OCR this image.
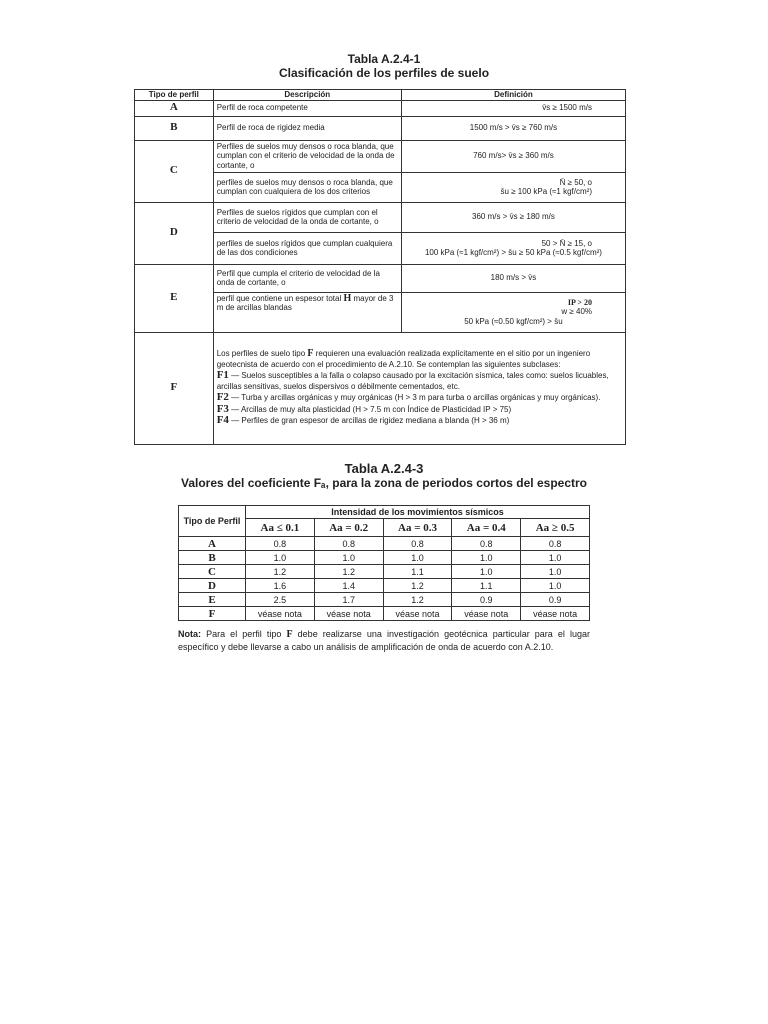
Tabla A.2.4-1
Clasificación de los perfiles de suelo
Tipo de perfil	Descripción	Definición
A	Perfil de roca competente	v̄s ≥ 1500 m/s

B	Perfil de roca de rigidez media	1500 m/s > v̄s ≥ 760 m/s
C	Perfiles de suelos muy densos o roca blanda, que cumplan con el criterio de velocidad de la onda de cortante, o	760 m/s> v̄s ≥ 360 m/s
	perfiles de suelos muy densos o roca blanda, que cumplan con cualquiera de los dos criterios	N̄ ≥ 50, o
s̄u ≥ 100 kPa (≈1 kgf/cm²)

D	Perfiles de suelos rígidos que cumplan con el criterio de velocidad de la onda de cortante, o	360 m/s > v̄s ≥ 180 m/s
	perfiles de suelos rígidos que cumplan cualquiera de las dos condiciones	50 > N̄ ≥ 15, o
100 kPa (≈1 kgf/cm²) > s̄u ≥ 50 kPa (≈0.5 kgf/cm²)
E	Perfil que cumpla el criterio de velocidad de la onda de cortante, o	180 m/s > v̄s
	perfil que contiene un espesor total H mayor de 3 m de arcillas blandas	IP > 20
w ≥ 40%
50 kPa (≈0.50 kgf/cm²) > s̄u
F	Los perfiles de suelo tipo F requieren una evaluación realizada explícitamente en el sitio por un ingeniero geotecnista de acuerdo con el procedimiento de A.2.10. Se contemplan las siguientes subclases:
F1 — Suelos susceptibles a la falla o colapso causado por la excitación sísmica, tales como: suelos licuables, arcillas sensitivas, suelos dispersivos o débilmente cementados, etc.
F2 — Turba y arcillas orgánicas y muy orgánicas (H > 3 m para turba o arcillas orgánicas y muy orgánicas).
F3 — Arcillas de muy alta plasticidad (H > 7.5 m con Índice de Plasticidad IP > 75)
F4 — Perfiles de gran espesor de arcillas de rigidez mediana a blanda (H > 36 m)	
Tabla A.2.4-3
Valores del coeficiente Fₐ, para la zona de periodos cortos del espectro
Tipo de Perfil	Intensidad de los movimientos sísmicos				
	Aa ≤ 0.1	Aa = 0.2	Aa = 0.3	Aa = 0.4	Aa ≥ 0.5
A	0.8	0.8	0.8	0.8	0.8
B	1.0	1.0	1.0	1.0	1.0
C	1.2	1.2	1.1	1.0	1.0
D	1.6	1.4	1.2	1.1	1.0
E	2.5	1.7	1.2	0.9	0.9
F	véase nota	véase nota	véase nota	véase nota	véase nota
Nota: Para el perfil tipo F debe realizarse una investigación geotécnica particular para el lugar específico y debe llevarse a cabo un análisis de amplificación de onda de acuerdo con A.2.10.
